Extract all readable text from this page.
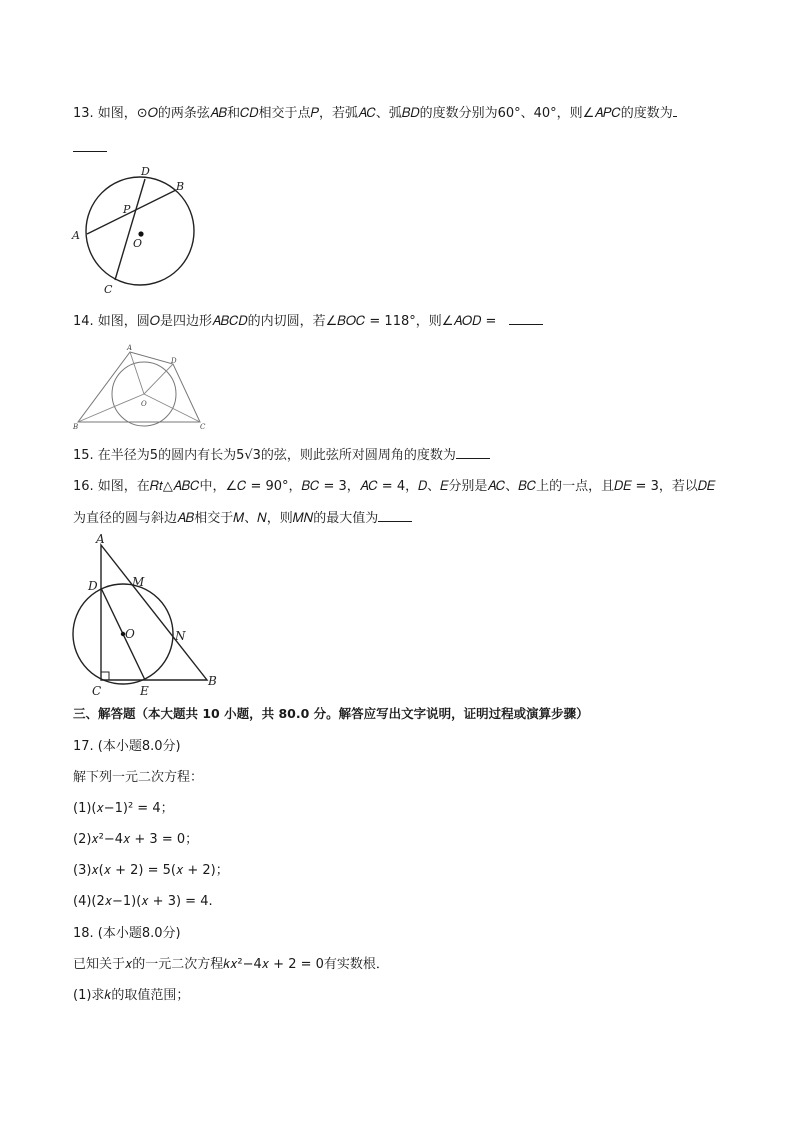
13. 如图，⊙𝑂的两条弦𝐴𝐵和𝐶𝐷相交于点𝑃，若弧𝐴𝐶、弧𝐵𝐷的度数分别为60°、40°，则∠𝐴𝑃𝐶的度数为
A
B
C
D
P
O
14. 如图，圆𝑂是四边形𝐴𝐵𝐶𝐷的内切圆，若∠𝐵𝑂𝐶 = 118°，则∠𝐴𝑂𝐷 =
A
D
B	C
O
15. 在半径为5的圆内有长为5√3的弦，则此弦所对圆周角的度数为
16. 如图，在𝑅𝑡△𝐴𝐵𝐶中，∠𝐶 = 90°，𝐵𝐶 = 3，𝐴𝐶 = 4，𝐷、𝐸分别是𝐴𝐶、𝐵𝐶上的一点，且𝐷𝐸 = 3，若以𝐷𝐸
为直径的圆与斜边𝐴𝐵相交于𝑀、𝑁，则𝑀𝑁的最大值为
A
D	M
O	N
C	E
B
三、解答题（本大题共 10 小题，共 80.0 分。解答应写出文字说明，证明过程或演算步骤）
17. (本小题8.0分)
解下列一元二次方程：
(1)(𝑥−1)² = 4；
(2)𝑥²−4𝑥 + 3 = 0；
(3)𝑥(𝑥 + 2) = 5(𝑥 + 2)；
(4)(2𝑥−1)(𝑥 + 3) = 4.
18. (本小题8.0分)
已知关于𝑥的一元二次方程𝑘𝑥²−4𝑥 + 2 = 0有实数根．
(1)求𝑘的取值范围；
